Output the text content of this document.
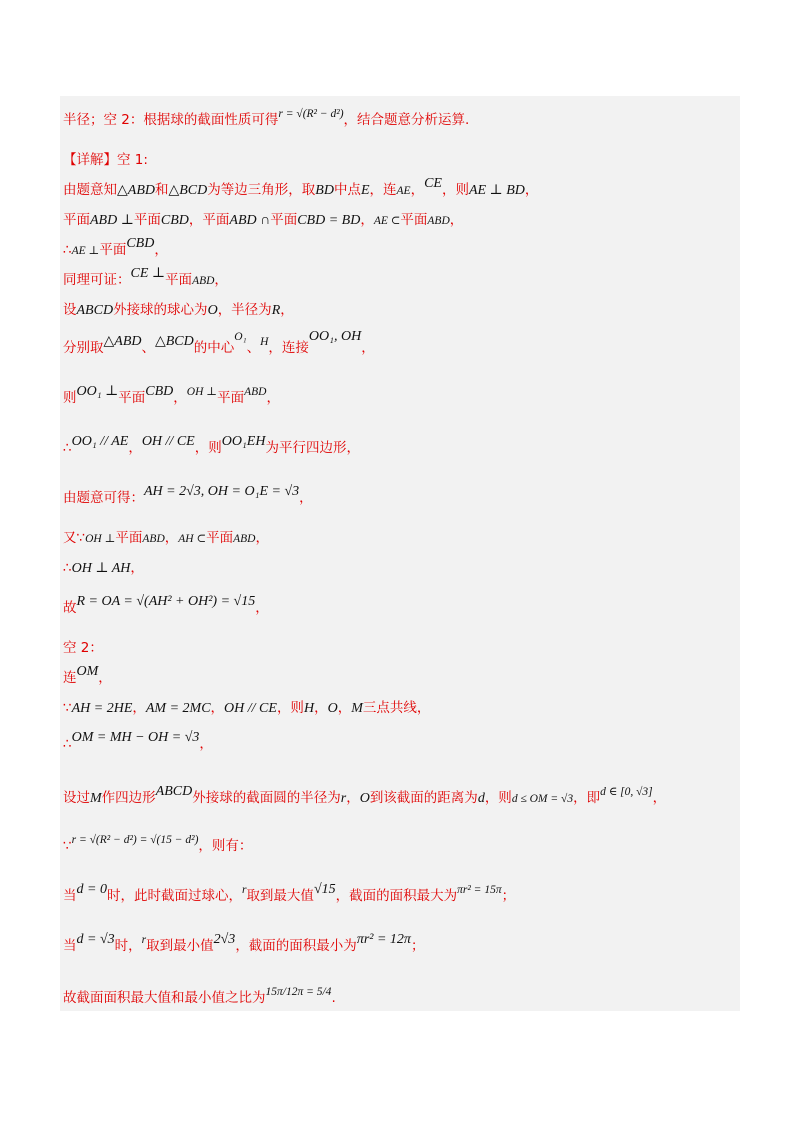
半径；空 2：根据球的截面性质可得r = √(R² − d²)，结合题意分析运算.
【详解】空 1:
由题意知△ABD和△BCD为等边三角形，取BD中点E，连AE，CE，则AE ⊥ BD，
平面ABD ⊥平面CBD，平面ABD ∩平面CBD = BD，AE ⊂平面ABD，
∴AE ⊥平面CBD，
同理可证：CE ⊥平面ABD，
设ABCD外接球的球心为O，半径为R，
分别取△ABD、△BCD的中心O₁、H，连接OO₁, OH，
则OO₁ ⊥平面CBD，OH ⊥平面ABD，
∴OO₁ // AE，OH // CE，则OO₁EH为平行四边形，
由题意可得：AH = 2√3, OH = O₁E = √3，
又∵OH ⊥平面ABD，AH ⊂平面ABD，
∴OH ⊥ AH，
故R = OA = √(AH² + OH²) = √15，
空 2：
连OM，
∵AH = 2HE，AM = 2MC，OH // CE，则H，O，M三点共线，
∴OM = MH − OH = √3，
设过M作四边形ABCD外接球的截面圆的半径为r，O到该截面的距离为d，则d ≤ OM = √3，即d ∈ [0, √3]，
∵r = √(R² − d²) = √(15 − d²)，则有：
当d = 0时，此时截面过球心，r取到最大值√15，截面的面积最大为πr² = 15π；
当d = √3时，r取到最小值2√3，截面的面积最小为πr² = 12π；
故截面面积最大值和最小值之比为15π/12π = 5/4.
